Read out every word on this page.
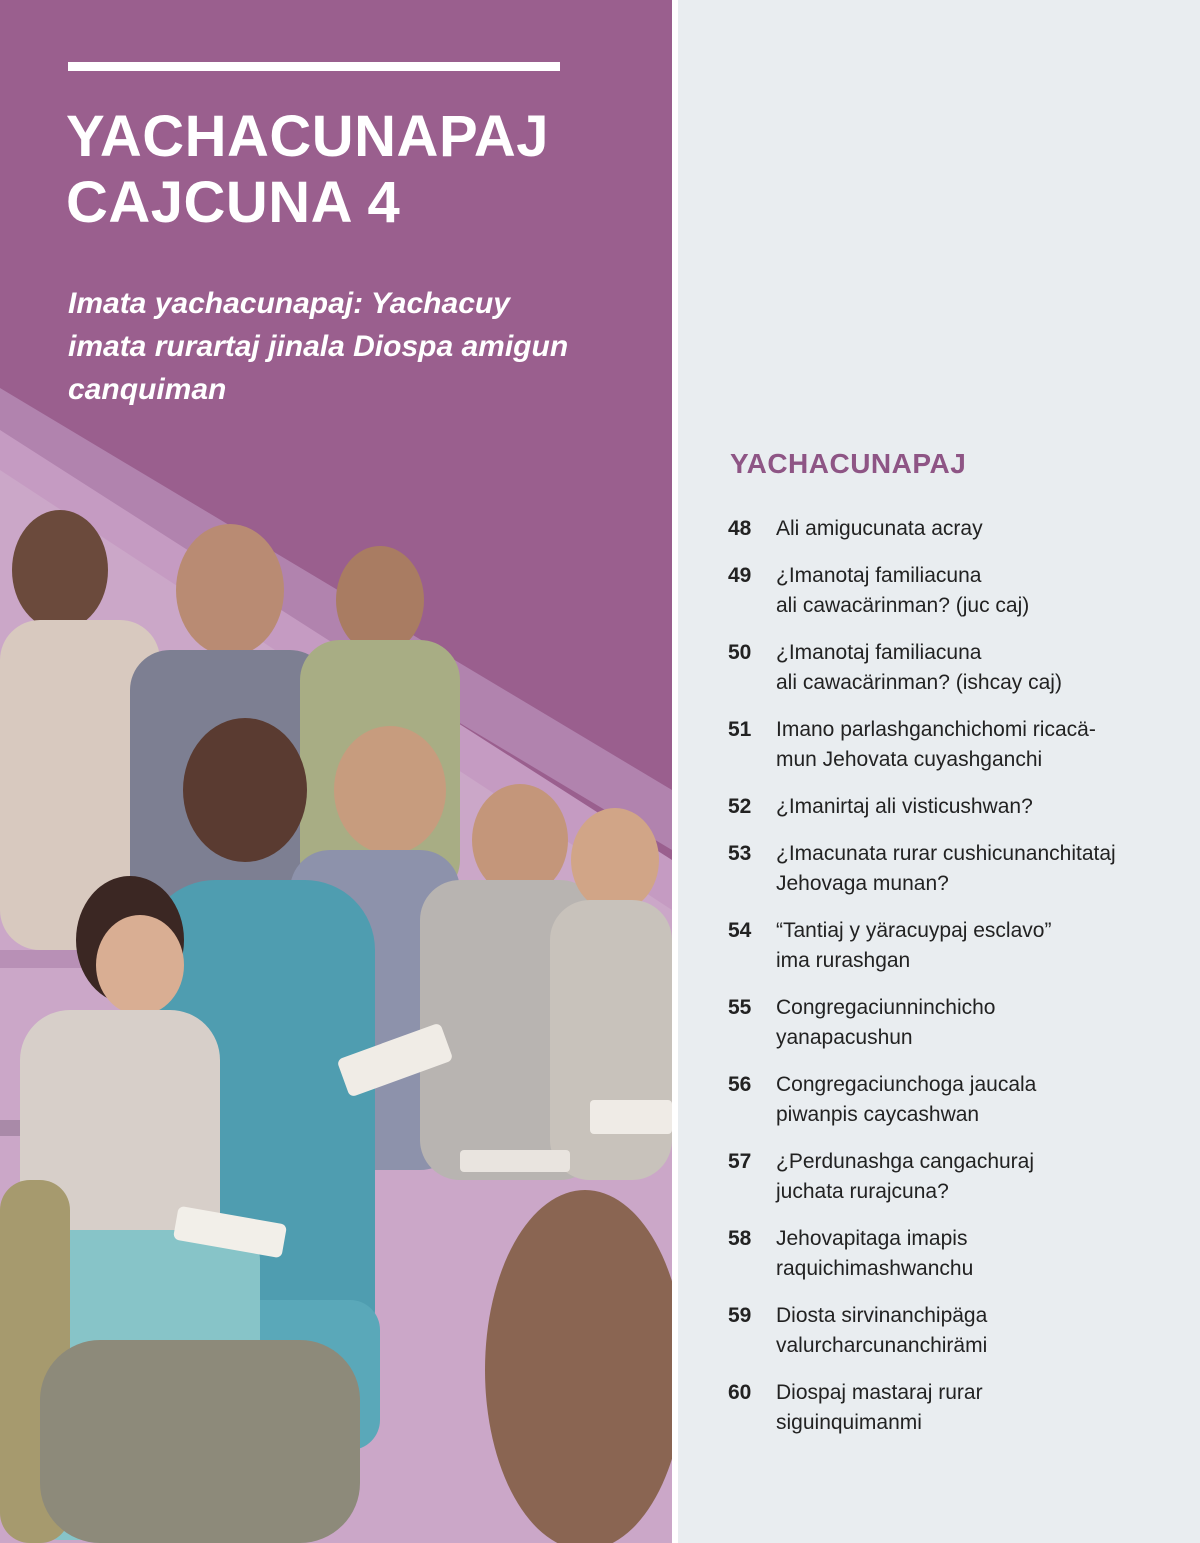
YACHACUNAPAJ
CAJCUNA 4
Imata yachacunapaj: Yachacuy imata rurartaj jinala Diospa amigun canquiman
YACHACUNAPAJ
48	Ali amigucunata acray
49	¿Imanotaj familiacuna
ali cawacärinman? (juc caj)
50	¿Imanotaj familiacuna
ali cawacärinman? (ishcay caj)
51	Imano parlashganchichomi ricacä-
mun Jehovata cuyashganchi
52	¿Imanirtaj ali visticushwan?
53	¿Imacunata rurar cushicunanchitataj
Jehovaga munan?
54	“Tantiaj y yäracuypaj esclavo”
ima rurashgan
55	Congregaciunninchicho
yanapacushun
56	Congregaciunchoga jaucala
piwanpis caycashwan
57	¿Perdunashga cangachuraj
juchata rurajcuna?
58	Jehovapitaga imapis
raquichimashwanchu
59	Diosta sirvinanchipäga
valurcharcunanchirämi
60	Diospaj mastaraj rurar
siguinquimanmi
